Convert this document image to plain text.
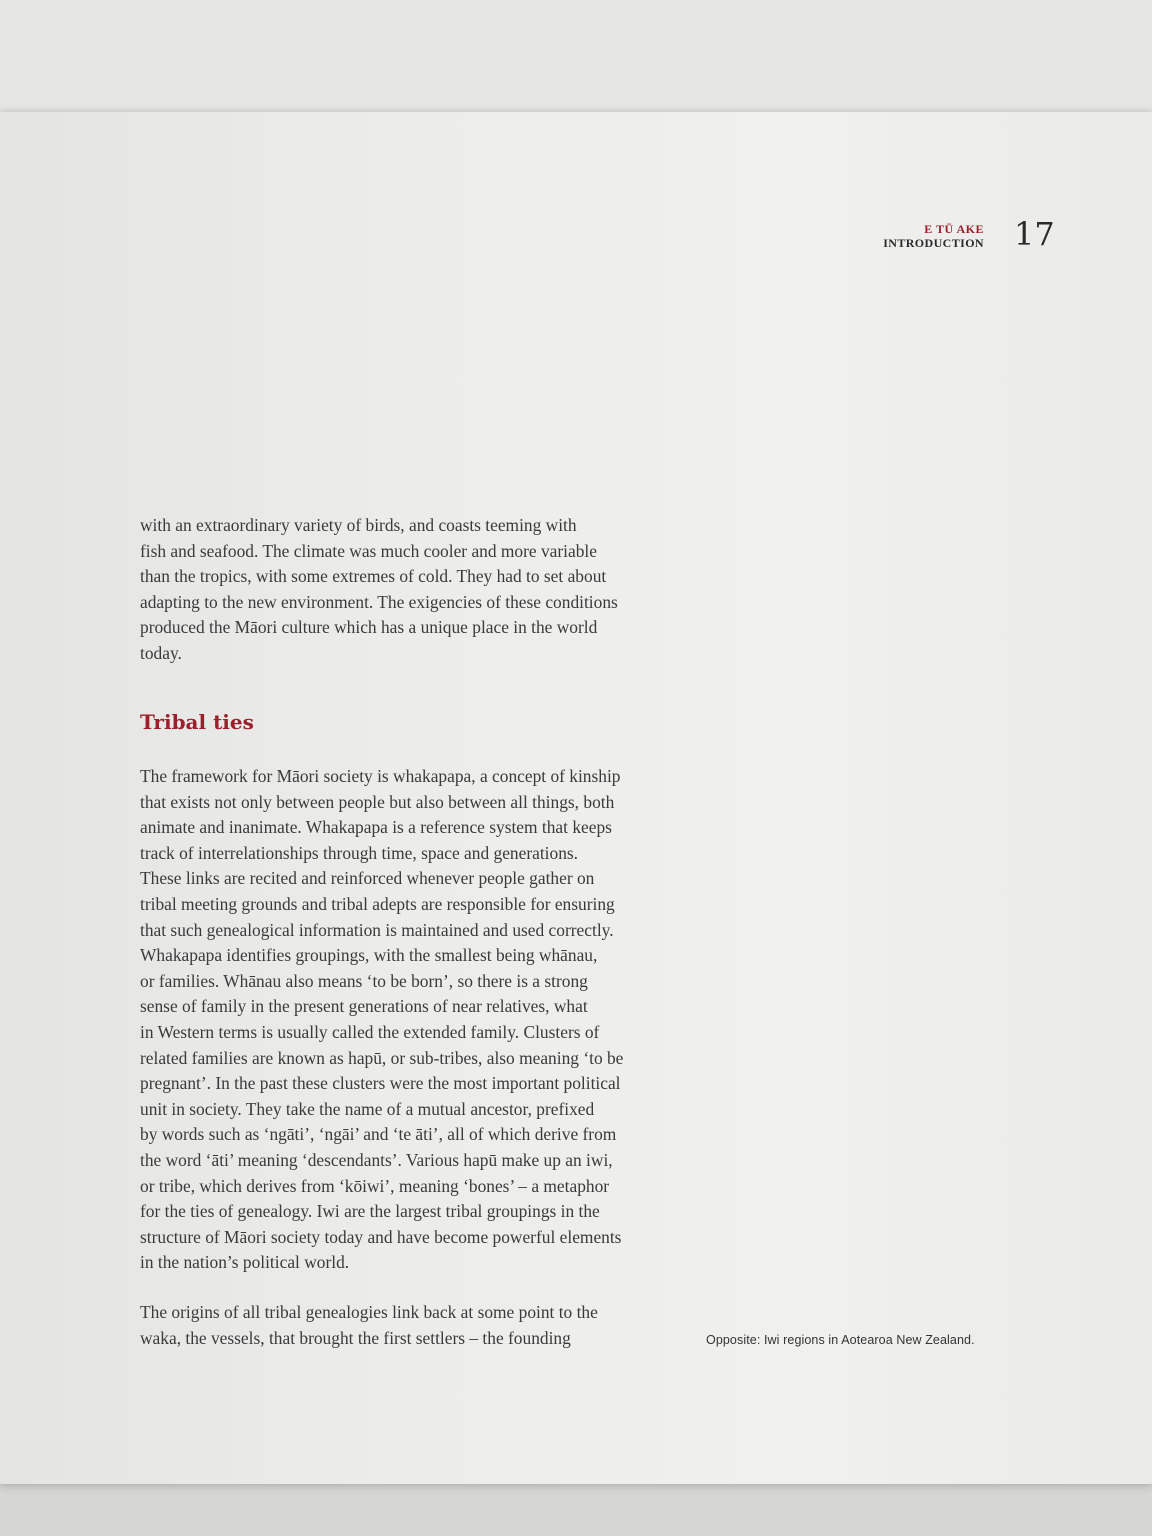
E TŪ AKE
INTRODUCTION 17
with an extraordinary variety of birds, and coasts teeming with
fish and seafood. The climate was much cooler and more variable
than the tropics, with some extremes of cold. They had to set about
adapting to the new environment. The exigencies of these conditions
produced the Māori culture which has a unique place in the world
today.
Tribal ties
The framework for Māori society is whakapapa, a concept of kinship
that exists not only between people but also between all things, both
animate and inanimate. Whakapapa is a reference system that keeps
track of interrelationships through time, space and generations.
These links are recited and reinforced whenever people gather on
tribal meeting grounds and tribal adepts are responsible for ensuring
that such genealogical information is maintained and used correctly.
Whakapapa identifies groupings, with the smallest being whānau,
or families. Whānau also means ‘to be born’, so there is a strong
sense of family in the present generations of near relatives, what
in Western terms is usually called the extended family. Clusters of
related families are known as hapū, or sub-tribes, also meaning ‘to be
pregnant’. In the past these clusters were the most important political
unit in society. They take the name of a mutual ancestor, prefixed
by words such as ‘ngāti’, ‘ngāi’ and ‘te āti’, all of which derive from
the word ‘āti’ meaning ‘descendants’. Various hapū make up an iwi,
or tribe, which derives from ‘kōiwi’, meaning ‘bones’ – a metaphor
for the ties of genealogy. Iwi are the largest tribal groupings in the
structure of Māori society today and have become powerful elements
in the nation’s political world.
The origins of all tribal genealogies link back at some point to the
waka, the vessels, that brought the first settlers – the founding	Opposite: Iwi regions in Aotearoa New Zealand.
